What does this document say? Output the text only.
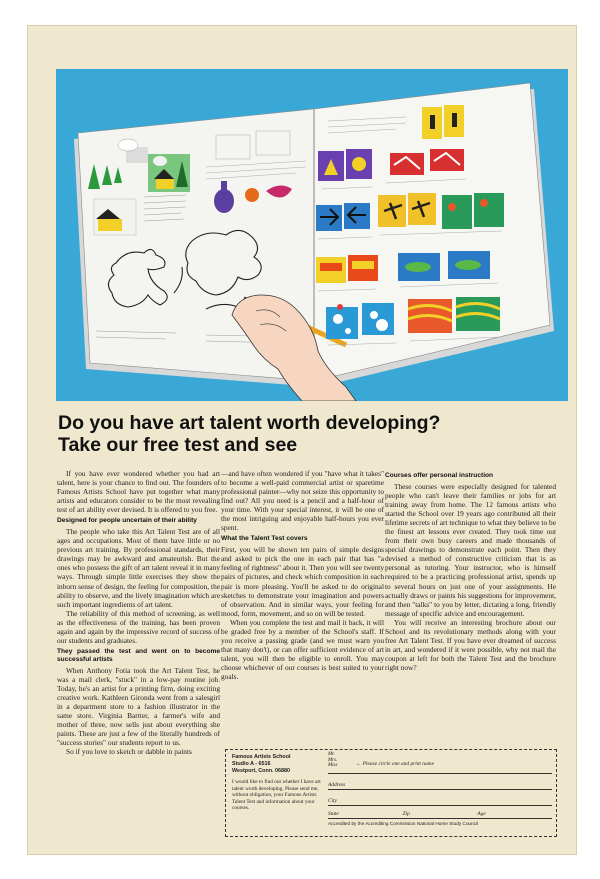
Do you have art talent worth developing?
Take our free test and see

If you have ever wondered whether you had art talent, here is your chance to find out. The founders of Famous Artists School have put together what many artists and educators consider to be the most revealing test of art ability ever devised. It is offered to you free.

Designed for people uncertain of their ability

The people who take this Art Talent Test are of all ages and occupations. Most of them have little or no previous art training. By professional standards, their drawings may be awkward and amateurish. But the ones who possess the gift of art talent reveal it in many ways. Through simple little exercises they show the inborn sense of design, the feeling for composition, the ability to observe, and the lively imagination which are such important ingredients of art talent.

The reliability of this method of screening, as well as the effectiveness of the training, has been proven again and again by the impressive record of success of our students and graduates.

They passed the test and went on to become successful artists

When Anthony Fotia took the Art Talent Test, he was a mail clerk, "stuck" in a low-pay routine job. Today, he's an artist for a printing firm, doing exciting creative work. Kathleen Gironda went from a salesgirl in a department store to a fashion illustrator in the same store. Virginia Bartter, a farmer's wife and mother of three, now sells just about everything she paints. These are just a few of the literally hundreds of "success stories" our students report to us.

So if you love to sketch or dabble in paints

—and have often wondered if you "have what it takes" to become a well-paid commercial artist or sparetime professional painter—why not seize this opportunity to find out? All you need is a pencil and a half-hour of your time. With your special interest, it will be one of the most intriguing and enjoyable half-hours you ever spent.

What the Talent Test covers

First, you will be shown ten pairs of simple designs and asked to pick the one in each pair that has "a feeling of rightness" about it. Then you will see twenty pairs of pictures, and check which composition in each pair is more pleasing. You'll be asked to do original sketches to demonstrate your imagination and powers of observation. And in similar ways, your feeling for mood, form, movement, and so on will be tested.

When you complete the test and mail it back, it will be graded free by a member of the School's staff. If you receive a passing grade (and we must warn you that many don't), or can offer sufficient evidence of art talent, you will then be eligible to enroll. You may choose whichever of our courses is best suited to your goals.

Courses offer personal instruction

These courses were especially designed for talented people who can't leave their families or jobs for art training away from home. The 12 famous artists who started the School over 19 years ago contributed all their lifetime secrets of art technique to what they believe to be the finest art lessons ever created. They took time out from their own busy careers and made thousands of special drawings to demonstrate each point. Then they devised a method of constructive criticism that is as personal as tutoring. Your instructor, who is himself required to be a practicing professional artist, spends up to several hours on just one of your assignments. He actually draws or paints his suggestions for improvement, and then "talks" to you by letter, dictating a long, friendly message of specific advice and encouragement.

You will receive an interesting brochure about our School and its revolutionary methods along with your free Art Talent Test. If you have ever dreamed of success in art, and wondered if it were possible, why not mail the coupon at left for both the Talent Test and the brochure right now?

Famous Artists School
Studio A - 6516
Westport, Conn. 06880
I would like to find out whether I have art talent worth developing. Please send me, without obligation, your Famous Artists Talent Test and information about your courses.
Mr.
Mrs.
Miss	← Please circle one and print name
Address
City
State	Zip	Age
Accredited by the Accrediting Commission National Home Study Council
